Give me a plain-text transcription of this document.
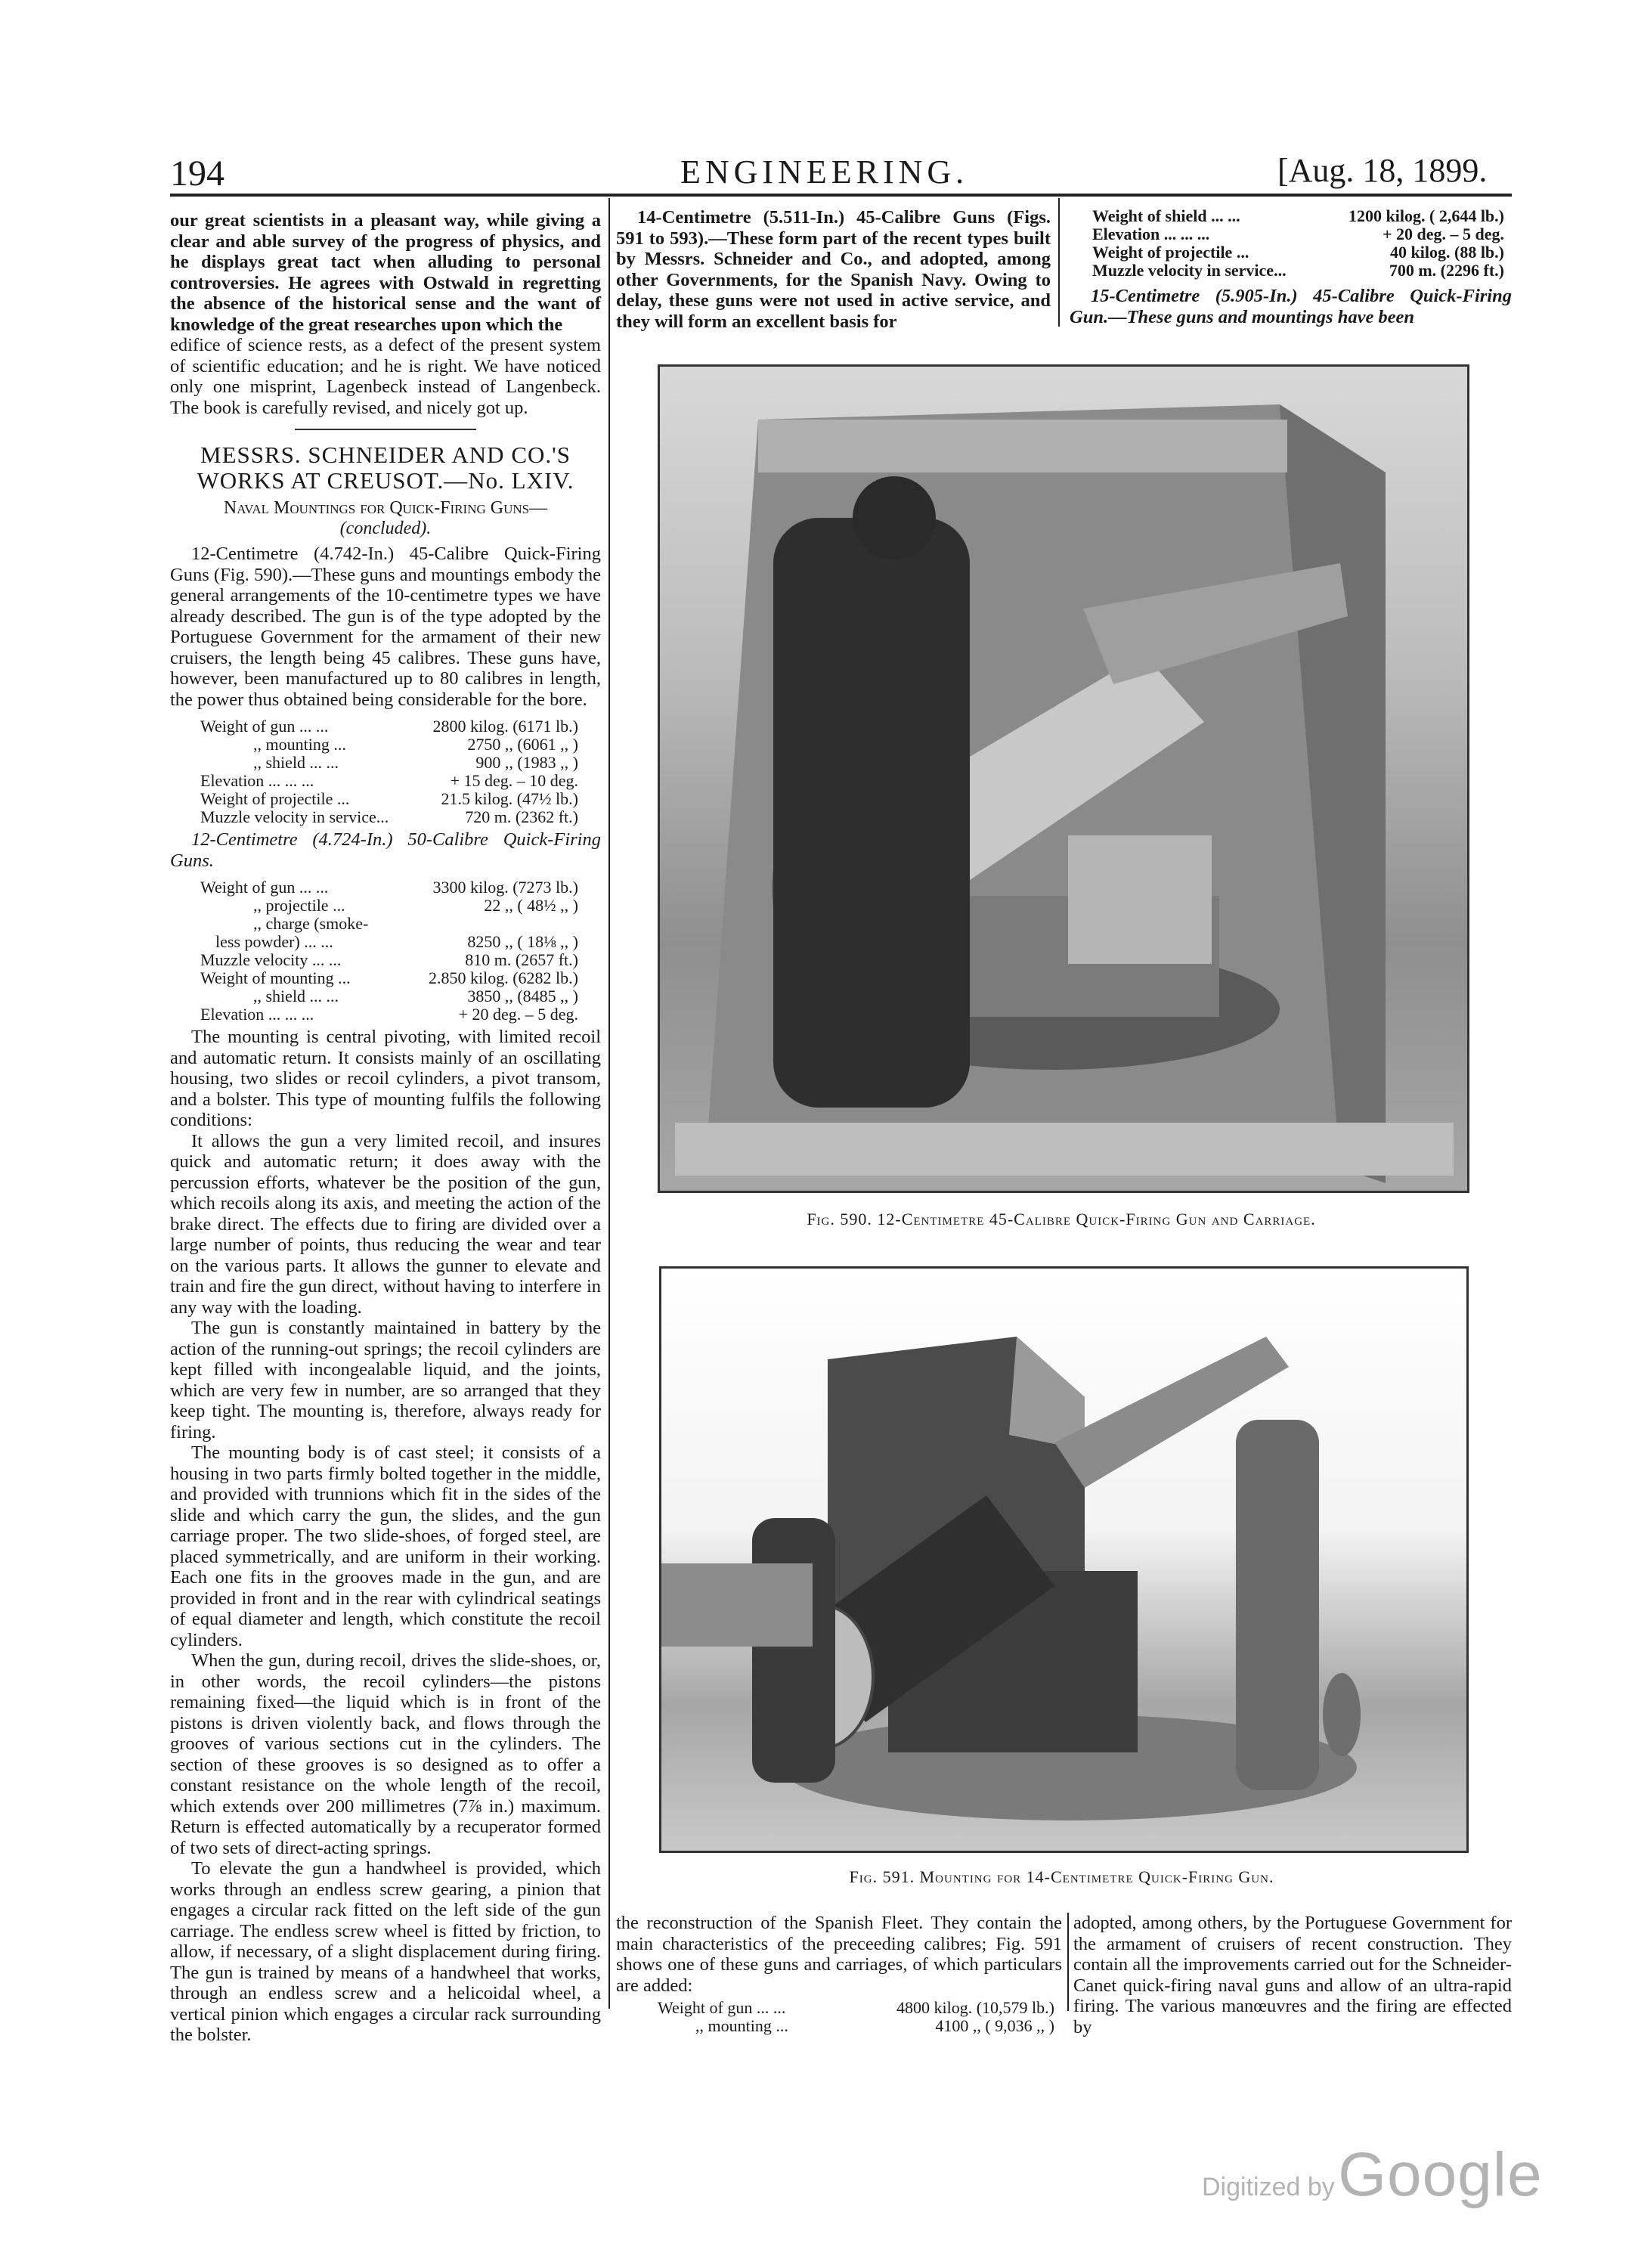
194	ENGINEERING.	[Aug. 18, 1899.

our great scientists in a pleasant way, while giving a clear and able survey of the progress of physics, and he displays great tact when alluding to personal controversies. He agrees with Ostwald in regretting the absence of the historical sense and the want of knowledge of the great researches upon which the

edifice of science rests, as a defect of the present system of scientific education; and he is right. We have noticed only one misprint, Lagenbeck instead of Langenbeck. The book is carefully revised, and nicely got up.

MESSRS. SCHNEIDER AND CO.'S
WORKS AT CREUSOT.—No. LXIV.
Naval Mountings for Quick-Firing Guns—
(concluded).

12-Centimetre (4.742-In.) 45-Calibre Quick-Firing Guns (Fig. 590).—These guns and mountings embody the general arrangements of the 10-centimetre types we have already described. The gun is of the type adopted by the Portuguese Government for the armament of their new cruisers, the length being 45 calibres. These guns have, however, been manufactured up to 80 calibres in length, the power thus obtained being considerable for the bore.

Weight of gun ... ...	2800 kilog. (6171 lb.)
,, mounting ...	2750 ,, (6061 ,, )
,, shield ... ...	900 ,, (1983 ,, )
Elevation ... ... ...	+ 15 deg. – 10 deg.
Weight of projectile ...	21.5 kilog. (47½ lb.)
Muzzle velocity in service...	720 m. (2362 ft.)

12-Centimetre (4.724-In.) 50-Calibre Quick-Firing Guns.

Weight of gun ... ...	3300 kilog. (7273 lb.)
,, projectile ...	22 ,, ( 48½ ,, )
,, charge (smoke-
less powder) ... ...	8250 ,, ( 18⅛ ,, )
Muzzle velocity ... ...	810 m. (2657 ft.)
Weight of mounting ...	2.850 kilog. (6282 lb.)
,, shield ... ...	3850 ,, (8485 ,, )
Elevation ... ... ...	+ 20 deg. – 5 deg.

The mounting is central pivoting, with limited recoil and automatic return. It consists mainly of an oscillating housing, two slides or recoil cylinders, a pivot transom, and a bolster. This type of mounting fulfils the following conditions:

It allows the gun a very limited recoil, and insures quick and automatic return; it does away with the percussion efforts, whatever be the position of the gun, which recoils along its axis, and meeting the action of the brake direct. The effects due to firing are divided over a large number of points, thus reducing the wear and tear on the various parts. It allows the gunner to elevate and train and fire the gun direct, without having to interfere in any way with the loading.

The gun is constantly maintained in battery by the action of the running-out springs; the recoil cylinders are kept filled with incongealable liquid, and the joints, which are very few in number, are so arranged that they keep tight. The mounting is, therefore, always ready for firing.

The mounting body is of cast steel; it consists of a housing in two parts firmly bolted together in the middle, and provided with trunnions which fit in the sides of the slide and which carry the gun, the slides, and the gun carriage proper. The two slide-shoes, of forged steel, are placed symmetrically, and are uniform in their working. Each one fits in the grooves made in the gun, and are provided in front and in the rear with cylindrical seatings of equal diameter and length, which constitute the recoil cylinders.

When the gun, during recoil, drives the slide-shoes, or, in other words, the recoil cylinders—the pistons remaining fixed—the liquid which is in front of the pistons is driven violently back, and flows through the grooves of various sections cut in the cylinders. The section of these grooves is so designed as to offer a constant resistance on the whole length of the recoil, which extends over 200 millimetres (7⅞ in.) maximum. Return is effected automatically by a recuperator formed of two sets of direct-acting springs.

To elevate the gun a handwheel is provided, which works through an endless screw gearing, a pinion that engages a circular rack fitted on the left side of the gun carriage. The endless screw wheel is fitted by friction, to allow, if necessary, of a slight displacement during firing. The gun is trained by means of a handwheel that works, through an endless screw and a helicoidal wheel, a vertical pinion which engages a circular rack surrounding the bolster.

14-Centimetre (5.511-In.) 45-Calibre Guns (Figs. 591 to 593).—These form part of the recent types built by Messrs. Schneider and Co., and adopted, among other Governments, for the Spanish Navy. Owing to delay, these guns were not used in active service, and they will form an excellent basis for

Weight of shield ... ...	1200 kilog. ( 2,644 lb.)
Elevation ... ... ...	+ 20 deg. – 5 deg.
Weight of projectile ...	40 kilog. (88 lb.)
Muzzle velocity in service...	700 m. (2296 ft.)

15-Centimetre (5.905-In.) 45-Calibre Quick-Firing Gun.—These guns and mountings have been

Fig. 590. 12-Centimetre 45-Calibre Quick-Firing Gun and Carriage.
Fig. 591. Mounting for 14-Centimetre Quick-Firing Gun.

the reconstruction of the Spanish Fleet. They contain the main characteristics of the preceeding calibres; Fig. 591 shows one of these guns and carriages, of which particulars are added:

Weight of gun ... ...	4800 kilog. (10,579 lb.)
,, mounting ...	4100 ,, ( 9,036 ,, )

adopted, among others, by the Portuguese Government for the armament of cruisers of recent construction. They contain all the improvements carried out for the Schneider-Canet quick-firing naval guns and allow of an ultra-rapid firing. The various manœuvres and the firing are effected by

Digitized by Google
